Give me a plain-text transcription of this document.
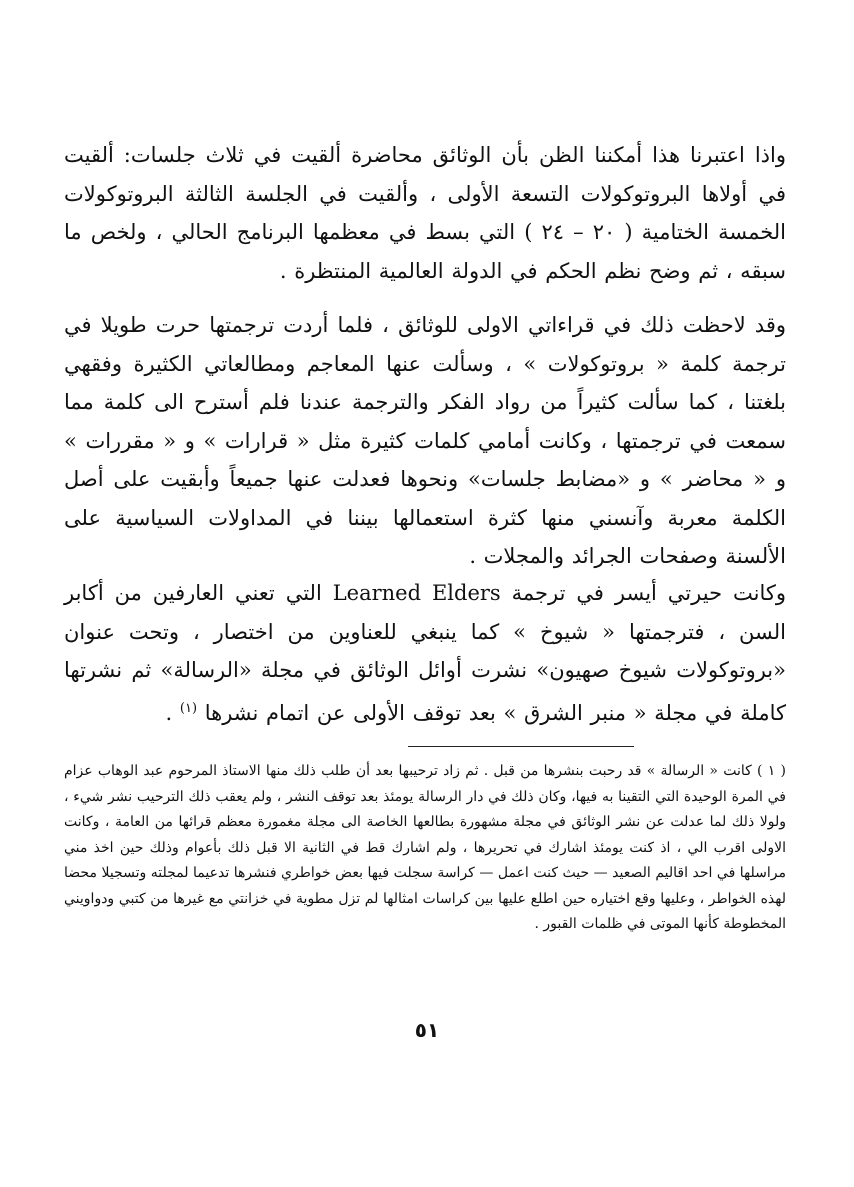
واذا اعتبرنا هذا أمكننا الظن بأن الوثائق محاضرة ألقيت في ثلاث جلسات: ألقيت في أولاها البروتوكولات التسعة الأولى ، وألقيت في الجلسة الثالثة البروتوكولات الخمسة الختامية ( ٢٠ – ٢٤ ) التي بسط في معظمها البرنامج الحالي ، ولخص ما سبقه ، ثم وضح نظم الحكم في الدولة العالمية المنتظرة .

وقد لاحظت ذلك في قراءاتي الاولى للوثائق ، فلما أردت ترجمتها حرت طويلا في ترجمة كلمة « بروتوكولات » ، وسألت عنها المعاجم ومطالعاتي الكثيرة وفقهي بلغتنا ، كما سألت كثيراً من رواد الفكر والترجمة عندنا فلم أسترح الى كلمة مما سمعت في ترجمتها ، وكانت أمامي كلمات كثيرة مثل « قرارات » و « مقررات » و « محاضر » و «مضابط جلسات» ونحوها فعدلت عنها جميعاً وأبقيت على أصل الكلمة معربة وآنسني منها كثرة استعمالها بيننا في المداولات السياسية على الألسنة وصفحات الجرائد والمجلات .

وكانت حيرتي أيسر في ترجمة Learned Elders التي تعني العارفين من أكابر السن ، فترجمتها « شيوخ » كما ينبغي للعناوين من اختصار ، وتحت عنوان «بروتوكولات شيوخ صهيون» نشرت أوائل الوثائق في مجلة «الرسالة» ثم نشرتها كاملة في مجلة « منبر الشرق » بعد توقف الأولى عن اتمام نشرها $^{(١)}$ .

( ١ ) كانت « الرسالة » قد رحبت بنشرها من قبل . ثم زاد ترحيبها بعد أن طلب ذلك منها الاستاذ المرحوم عبد الوهاب عزام في المرة الوحيدة التي التقينا به فيها، وكان ذلك في دار الرسالة يومئذ بعد توقف النشر ، ولم يعقب ذلك الترحيب نشر شيء ، ولولا ذلك لما عدلت عن نشر الوثائق في مجلة مشهورة بطالعها الخاصة الى مجلة مغمورة معظم قرائها من العامة ، وكانت الاولى اقرب الي ، اذ كنت يومئذ اشارك في تحريرها ، ولم اشارك قط في الثانية الا قبل ذلك بأعوام وذلك حين اخذ مني مراسلها في احد اقاليم الصعيد — حيث كنت اعمل — كراسة سجلت فيها بعض خواطري فنشرها تدعيما لمجلته وتسجيلا محضا لهذه الخواطر ، وعليها وقع اختياره حين اطلع عليها بين كراسات امثالها لم تزل مطوية في خزانتي مع غيرها من كتبي ودواويني المخطوطة كأنها الموتى في ظلمات القبور .

٥١
